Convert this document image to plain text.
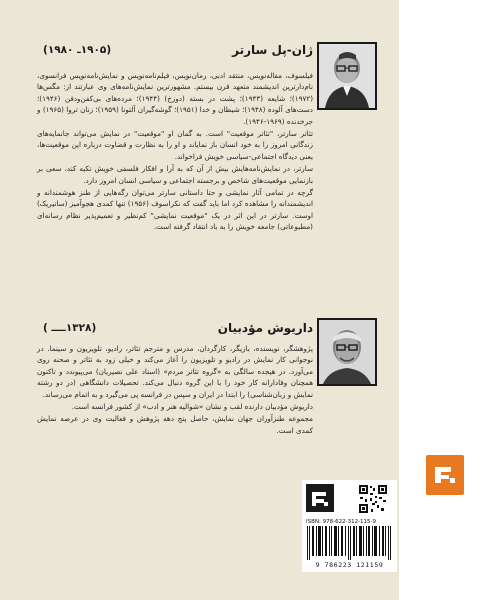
ژان-پل سارتر
(۱۹۰۵ـ ۱۹۸۰)

فیلسوف، مقاله‌نویس، منتقد ادبی، رمان‌نویس، فیلم‌نامه‌نویس و نمایش‌نامه‌نویس فرانسوی، نام‌دارترین اندیشمند متعهد قرن بیستم. مشهورترین نمایش‌نامه‌های وی عبارتند از: مگس‌ها (۱۹۷۲)؛ شایعه (۱۹۴۳)؛ پشت در بسته (دوزخ) (۱۹۴۴)؛ مرده‌های بی‌کفن‌ودفن (۱۹۴۶)؛ دست‌های آلوده (۱۹۴۸)؛ شیطان و خدا (۱۹۵۱)؛ گوشه‌گیران آلتونا (۱۹۵۹)؛ زنان تروا (۱۹۶۵) و جرخدنده (۱۹۶۹-۱۹۴۶).

تئاتر سارتر، "تئاتر موقعیت" است. به گمان او "موقعیت" در نمایش می‌تواند جانمایه‌های زندگانی امروز را به خود انسان باز نمایاند و او را به نظارت و قضاوت درباره این موقعیت‌ها، یعنی دیدگاه اجتماعی-سیاسی خویش فراخواند.

سارتر، در نمایش‌نامه‌هایش بیش از آن که به آرا و افکار فلسفی خویش تکیه کند، سعی بر بازنمایی موقعیت‌های شاخص و برجسته اجتماعی و سیاسی انسان امروز دارد.

گرچه در تمامی آثار نمایشی و حتا داستانی سارتر می‌توان رگه‌هایی از طنز هوشمندانه و اندیشمندانه را مشاهده کرد اما باید گفت که نکراسوف (۱۹۵۶) تنها کمدی هجوآمیز (ساتیریک) اوست. سارتر در این اثر در یک "موقعیت نمایشی" کم‌نظیر و تعمیم‌پذیر نظام رسانه‌ای (مطبوعاتی) جامعه خویش را به باد انتقاد گرفته است.

داریوش مؤدبیان
(۱۳۲۸ــــ )

پژوهشگر، نویسنده، بازیگر، کارگردان، مدرس و مترجم تئاتر، رادیو، تلویزیون و سینما. در نوجوانی کار نمایش در رادیو و تلویزیون را آغاز می‌کند و خیلی زود به تئاتر و صحنه روی می‌آورد. در هیجده سالگی به «گروه تئاتر مردم» (استاد علی نصیریان) می‌پیوندد و تاکنون همچنان وفادارانه کار خود را با این گروه دنبال می‌کند. تحصیلات دانشگاهی (در دو رشته نمایش و زبان‌شناسی) را ابتدا در ایران و سپس در فرانسه پی می‌گیرد و به اتمام می‌رساند.

داریوش مؤدبیان دارنده لقب و نشان «شوالیه هنر و ادب» از کشور فرانسه است.

مجموعه طنزآوران جهان نمایش، حاصل پنج دهه پژوهش و فعالیت وی در عرصه نمایش کمدی است.

ISBN: 978-622-312-115-9
9 786223 121159
